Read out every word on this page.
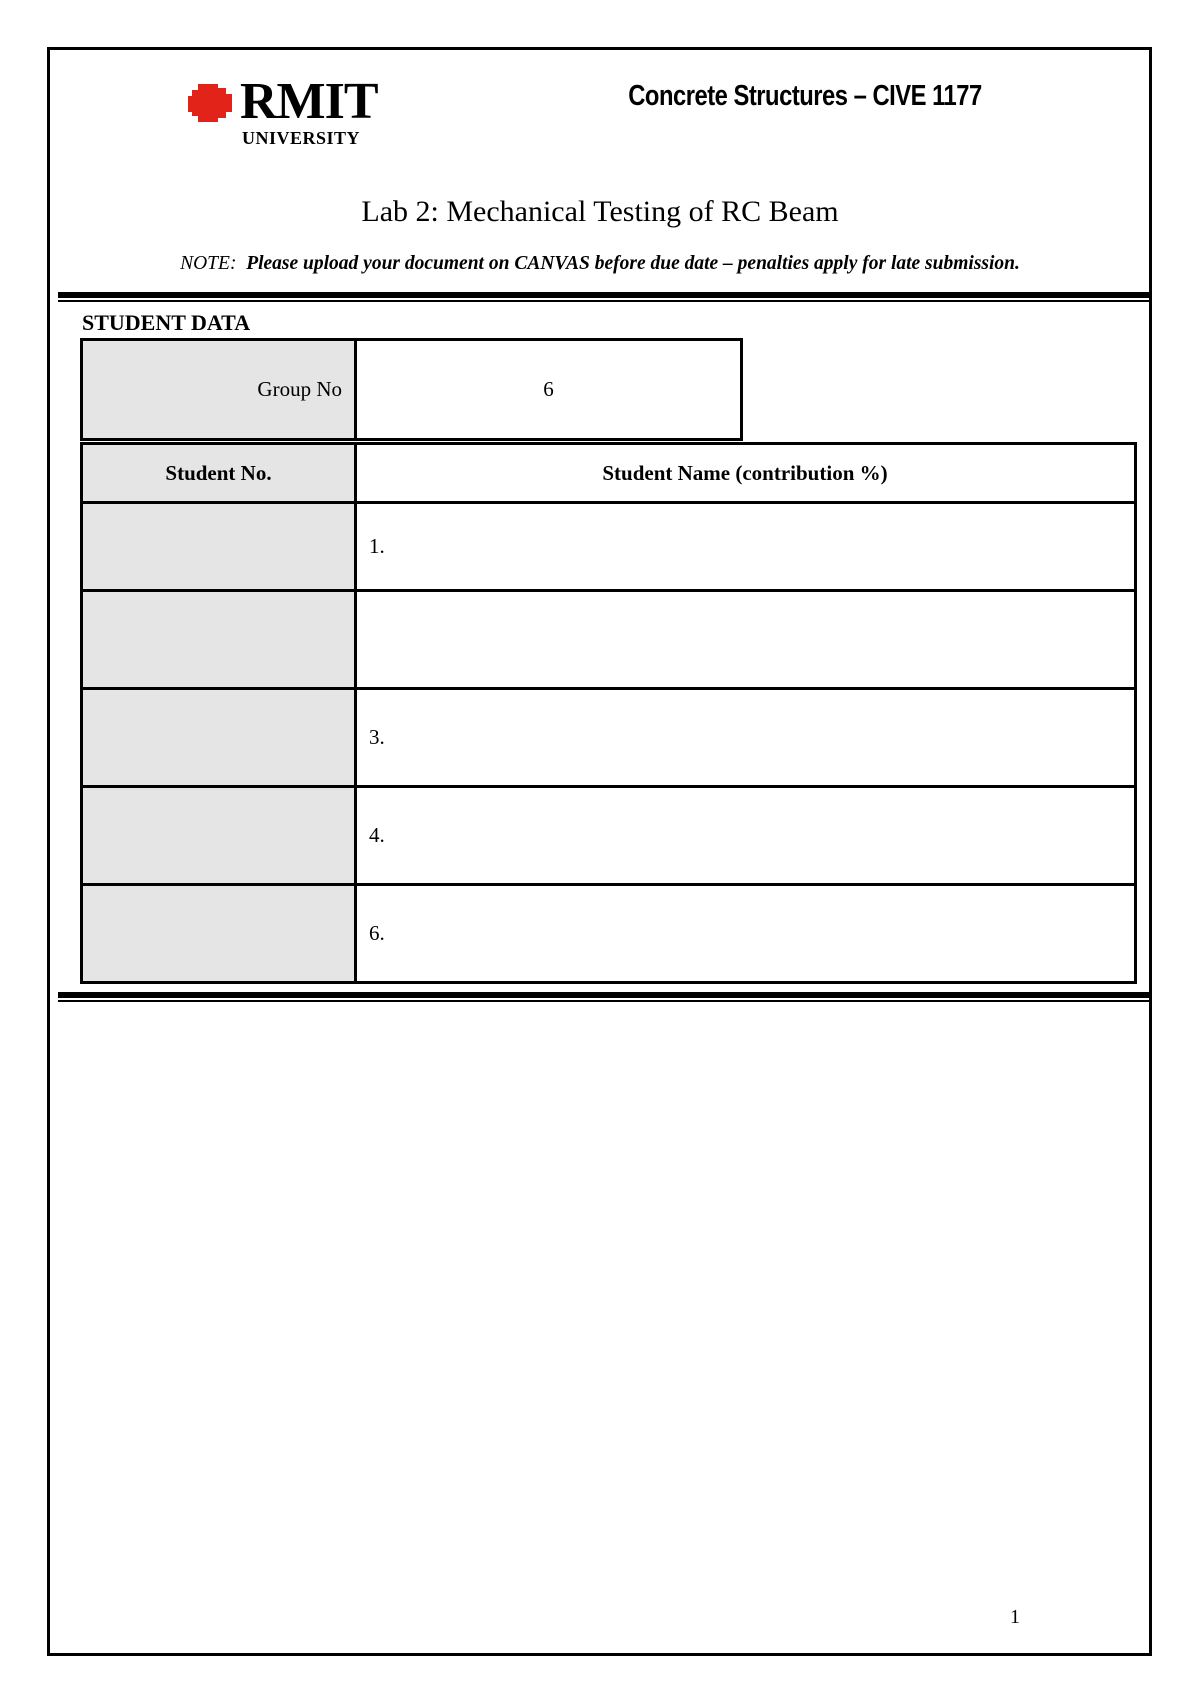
RMIT
UNIVERSITY
Concrete Structures – CIVE 1177
Lab 2: Mechanical Testing of RC Beam
NOTE: Please upload your document on CANVAS before due date – penalties apply for late submission.
STUDENT DATA
Group No	6
Student No.	Student Name (contribution %)
	1.

	3.
	4.
	6.
1
